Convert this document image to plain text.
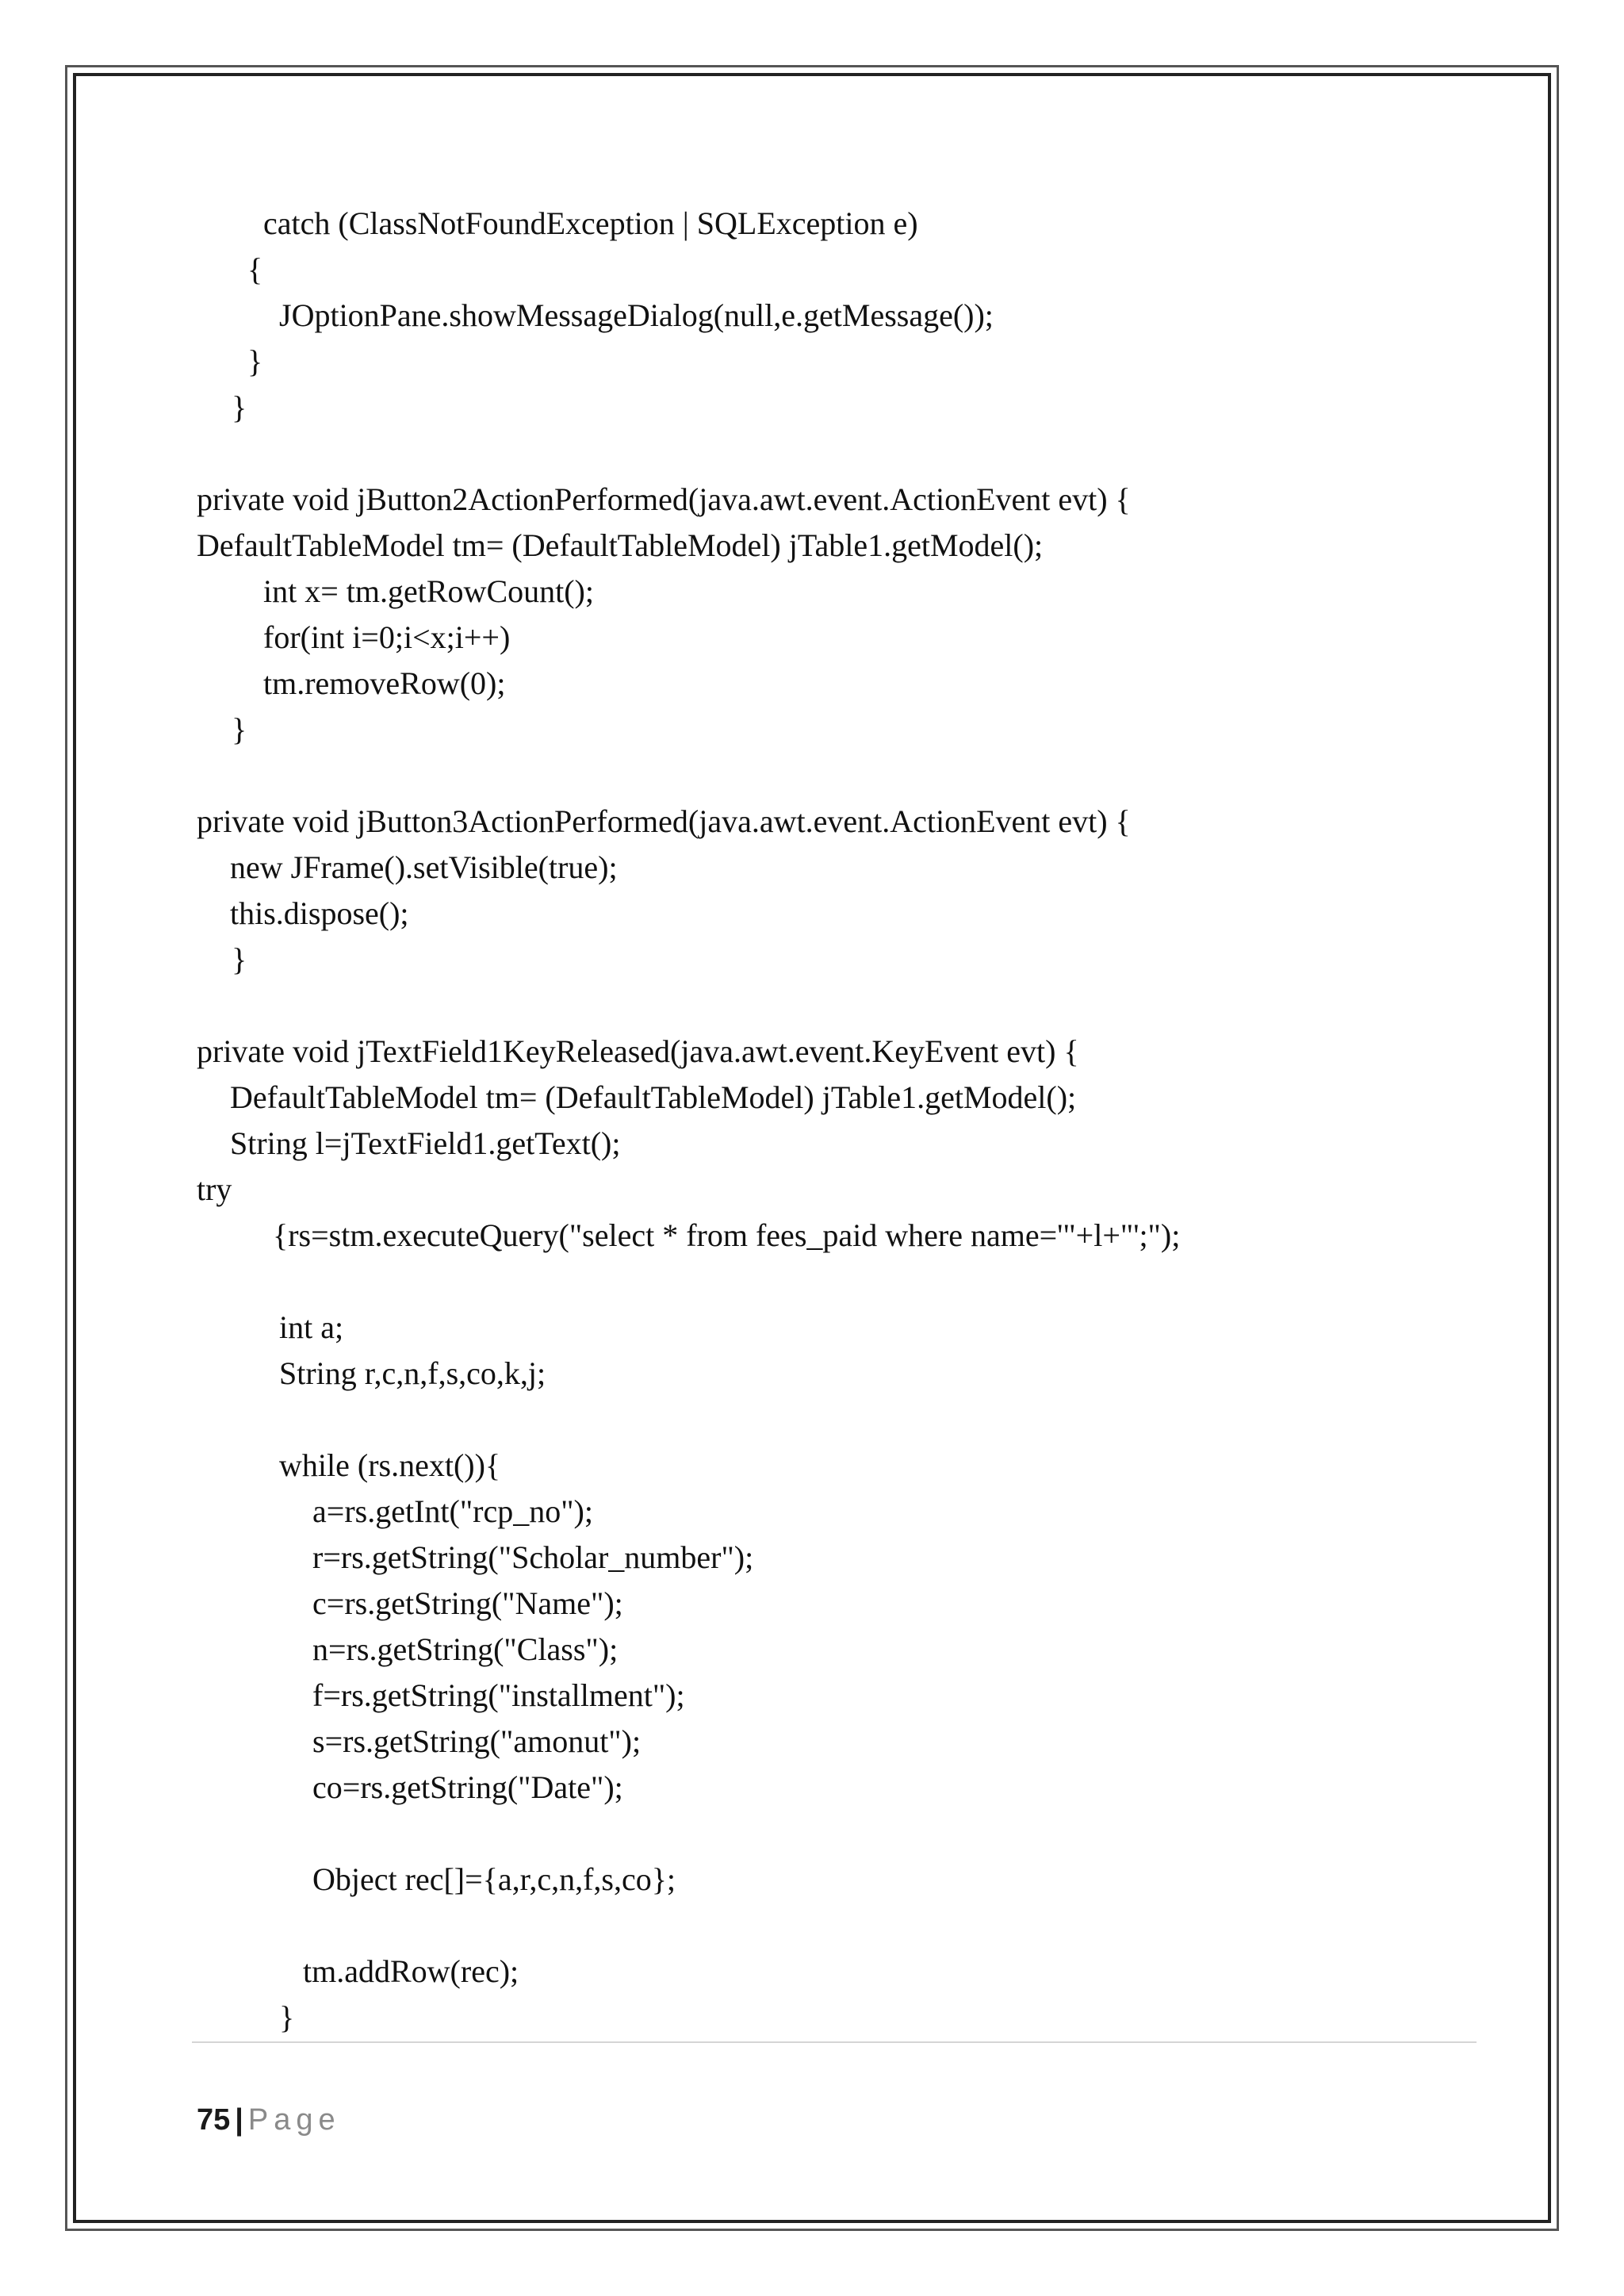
catch (ClassNotFoundException | SQLException e)
{
JOptionPane.showMessageDialog(null,e.getMessage());
}
}
private void jButton2ActionPerformed(java.awt.event.ActionEvent evt) {
DefaultTableModel tm= (DefaultTableModel) jTable1.getModel();
int x= tm.getRowCount();
for(int i=0;i<x;i++)
tm.removeRow(0);
}
private void jButton3ActionPerformed(java.awt.event.ActionEvent evt) {
new JFrame().setVisible(true);
this.dispose();
}
private void jTextField1KeyReleased(java.awt.event.KeyEvent evt) {
DefaultTableModel tm= (DefaultTableModel) jTable1.getModel();
String l=jTextField1.getText();
try
{rs=stm.executeQuery("select * from fees_paid where name='"+l+"';");
int a;
String r,c,n,f,s,co,k,j;
while (rs.next()){
a=rs.getInt("rcp_no");
r=rs.getString("Scholar_number");
c=rs.getString("Name");
n=rs.getString("Class");
f=rs.getString("installment");
s=rs.getString("amonut");
co=rs.getString("Date");
Object rec[]={a,r,c,n,f,s,co};
tm.addRow(rec);
}
75 | Page
